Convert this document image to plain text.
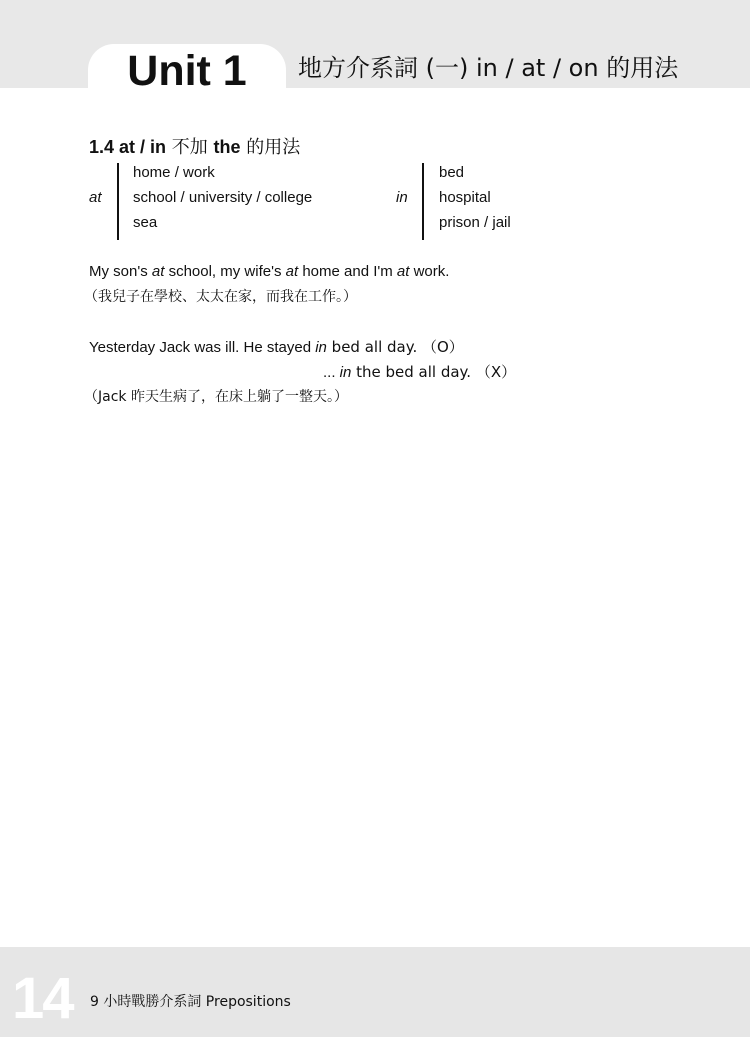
Unit 1	地方介系詞 (一) in / at / on 的用法
1.4 at / in 不加 the 的用法
at
home / work
school / university / college
sea
in
bed
hospital
prison / jail
My son's at school, my wife's at home and I'm at work.
（我兒子在學校、太太在家，而我在工作。）
Yesterday Jack was ill. He stayed in bed all day. （O）
... in the bed all day. （X）
（Jack 昨天生病了，在床上躺了一整天。）
14 9 小時戰勝介系詞 Prepositions
